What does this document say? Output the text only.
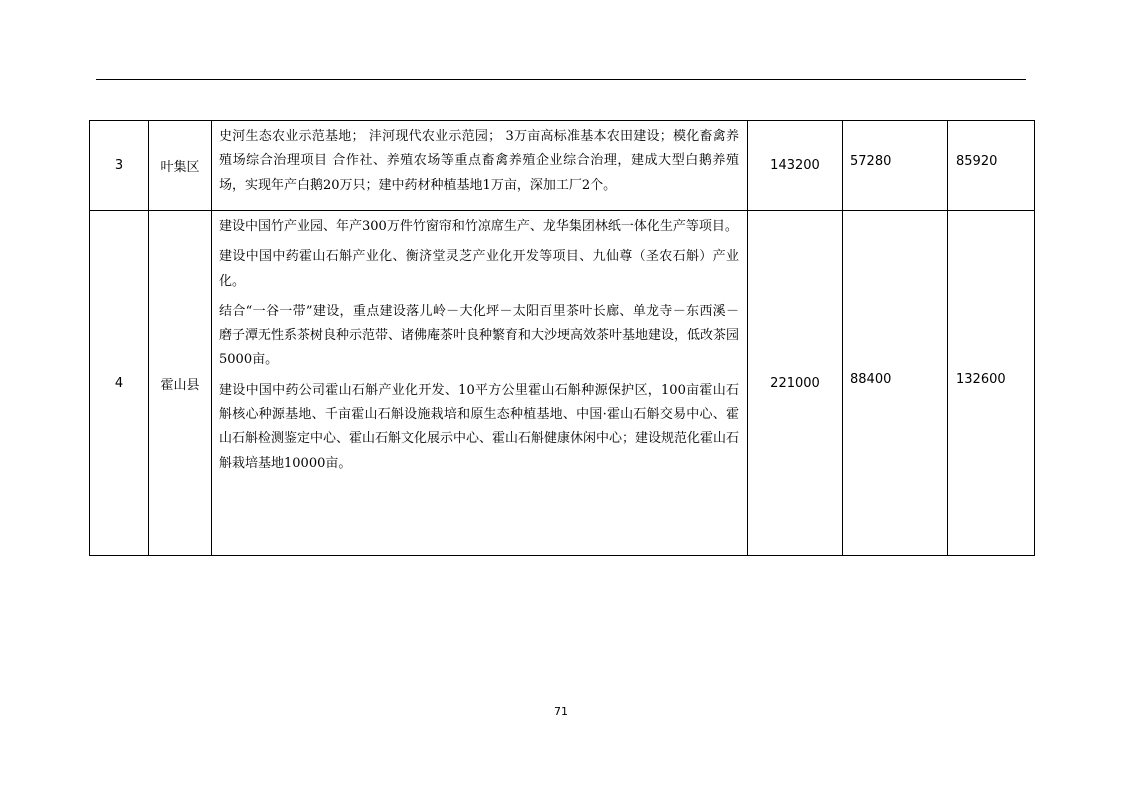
3	叶集区	史河生态农业示范基地； 沣河现代农业示范园； 3万亩高标准基本农田建设；模化畜禽养殖场综合治理项目 合作社、养殖农场等重点畜禽养殖企业综合治理，建成大型白鹅养殖场，实现年产白鹅20万只；建中药材种植基地1万亩，深加工厂2个。	143200	57280	85920
4	霍山县	建设中国竹产业园、年产300万件竹窗帘和竹凉席生产、龙华集团林纸一体化生产等项目。

建设中国中药霍山石斛产业化、衡济堂灵芝产业化开发等项目、九仙尊（圣农石斛）产业化。

结合“一谷一带”建设，重点建设落儿岭－大化坪－太阳百里茶叶长廊、单龙寺－东西溪－磨子潭无性系茶树良种示范带、诸佛庵茶叶良种繁育和大沙埂高效茶叶基地建设，低改茶园5000亩。

建设中国中药公司霍山石斛产业化开发、10平方公里霍山石斛种源保护区，100亩霍山石斛核心种源基地、千亩霍山石斛设施栽培和原生态种植基地、中国·霍山石斛交易中心、霍山石斛检测鉴定中心、霍山石斛文化展示中心、霍山石斛健康休闲中心；建设规范化霍山石斛栽培基地10000亩。	221000	88400	132600
71
